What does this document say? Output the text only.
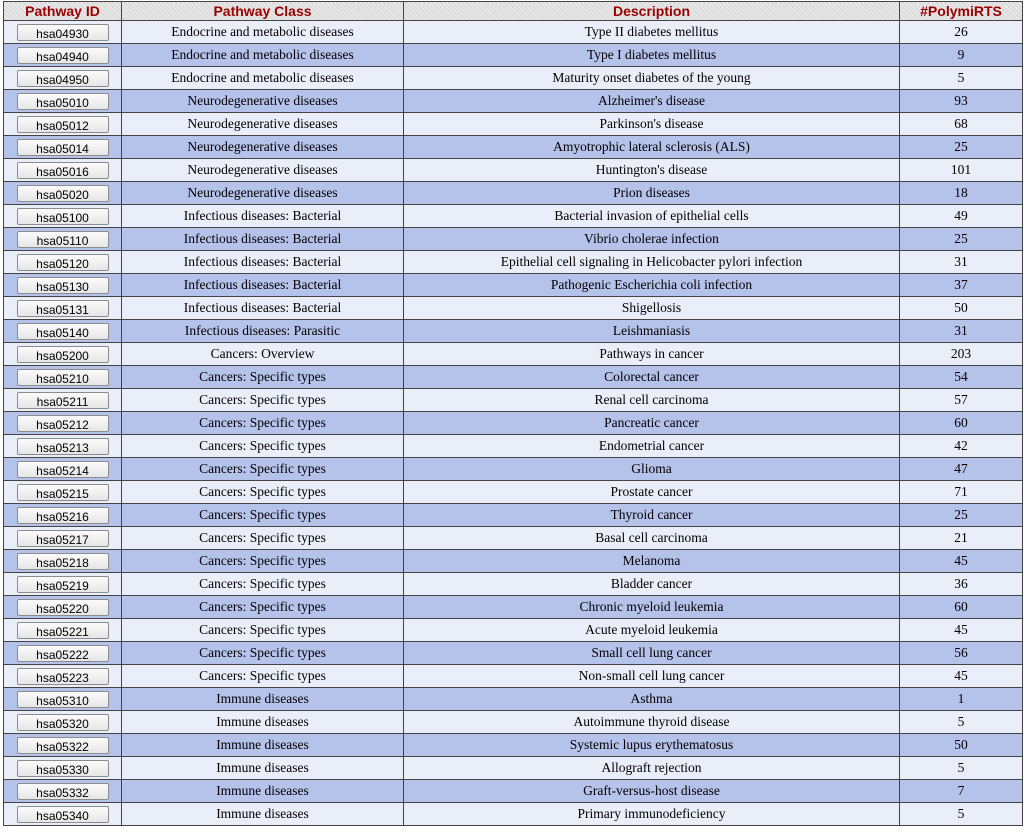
Pathway ID	Pathway Class	Description	#PolymiRTS
hsa04930	Endocrine and metabolic diseases	Type II diabetes mellitus	26
hsa04940	Endocrine and metabolic diseases	Type I diabetes mellitus	9
hsa04950	Endocrine and metabolic diseases	Maturity onset diabetes of the young	5
hsa05010	Neurodegenerative diseases	Alzheimer's disease	93
hsa05012	Neurodegenerative diseases	Parkinson's disease	68
hsa05014	Neurodegenerative diseases	Amyotrophic lateral sclerosis (ALS)	25
hsa05016	Neurodegenerative diseases	Huntington's disease	101
hsa05020	Neurodegenerative diseases	Prion diseases	18
hsa05100	Infectious diseases: Bacterial	Bacterial invasion of epithelial cells	49
hsa05110	Infectious diseases: Bacterial	Vibrio cholerae infection	25
hsa05120	Infectious diseases: Bacterial	Epithelial cell signaling in Helicobacter pylori infection	31
hsa05130	Infectious diseases: Bacterial	Pathogenic Escherichia coli infection	37
hsa05131	Infectious diseases: Bacterial	Shigellosis	50
hsa05140	Infectious diseases: Parasitic	Leishmaniasis	31
hsa05200	Cancers: Overview	Pathways in cancer	203
hsa05210	Cancers: Specific types	Colorectal cancer	54
hsa05211	Cancers: Specific types	Renal cell carcinoma	57
hsa05212	Cancers: Specific types	Pancreatic cancer	60
hsa05213	Cancers: Specific types	Endometrial cancer	42
hsa05214	Cancers: Specific types	Glioma	47
hsa05215	Cancers: Specific types	Prostate cancer	71
hsa05216	Cancers: Specific types	Thyroid cancer	25
hsa05217	Cancers: Specific types	Basal cell carcinoma	21
hsa05218	Cancers: Specific types	Melanoma	45
hsa05219	Cancers: Specific types	Bladder cancer	36
hsa05220	Cancers: Specific types	Chronic myeloid leukemia	60
hsa05221	Cancers: Specific types	Acute myeloid leukemia	45
hsa05222	Cancers: Specific types	Small cell lung cancer	56
hsa05223	Cancers: Specific types	Non-small cell lung cancer	45
hsa05310	Immune diseases	Asthma	1
hsa05320	Immune diseases	Autoimmune thyroid disease	5
hsa05322	Immune diseases	Systemic lupus erythematosus	50
hsa05330	Immune diseases	Allograft rejection	5
hsa05332	Immune diseases	Graft-versus-host disease	7
hsa05340	Immune diseases	Primary immunodeficiency	5
